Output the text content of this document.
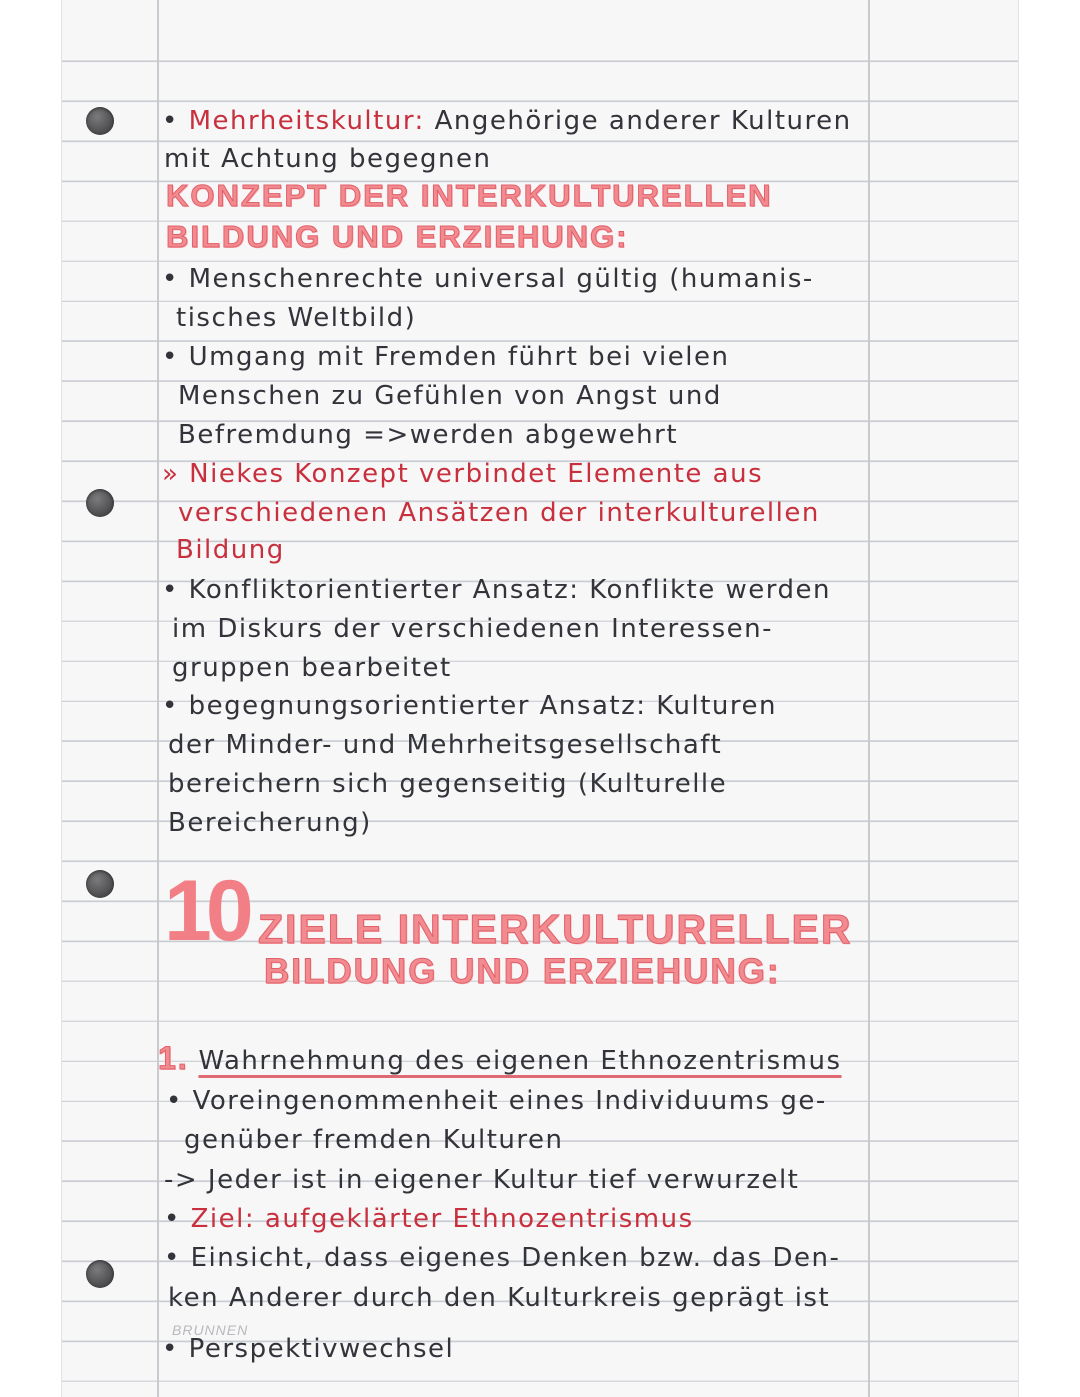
• Mehrheitskultur: Angehörige anderer Kulturen
mit Achtung begegnen
KONZEPT DER INTERKULTURELLEN
BILDUNG UND ERZIEHUNG:
• Menschenrechte universal gültig (humanis-
tisches Weltbild)
• Umgang mit Fremden führt bei vielen
Menschen zu Gefühlen von Angst und
Befremdung =>werden abgewehrt
» Niekes Konzept verbindet Elemente aus
verschiedenen Ansätzen der interkulturellen
Bildung
• Konfliktorientierter Ansatz: Konflikte werden
im Diskurs der verschiedenen Interessen-
gruppen bearbeitet
• begegnungsorientierter Ansatz: Kulturen
der Minder- und Mehrheitsgesellschaft
bereichern sich gegenseitig (Kulturelle
Bereicherung)
10 ZIELE INTERKULTURELLER
BILDUNG UND ERZIEHUNG:
1. Wahrnehmung des eigenen Ethnozentrismus
• Voreingenommenheit eines Individuums ge-
genüber fremden Kulturen
-> Jeder ist in eigener Kultur tief verwurzelt
• Ziel: aufgeklärter Ethnozentrismus
• Einsicht, dass eigenes Denken bzw. das Den-
ken Anderer durch den Kulturkreis geprägt ist
BRUNNEN
• Perspektivwechsel
